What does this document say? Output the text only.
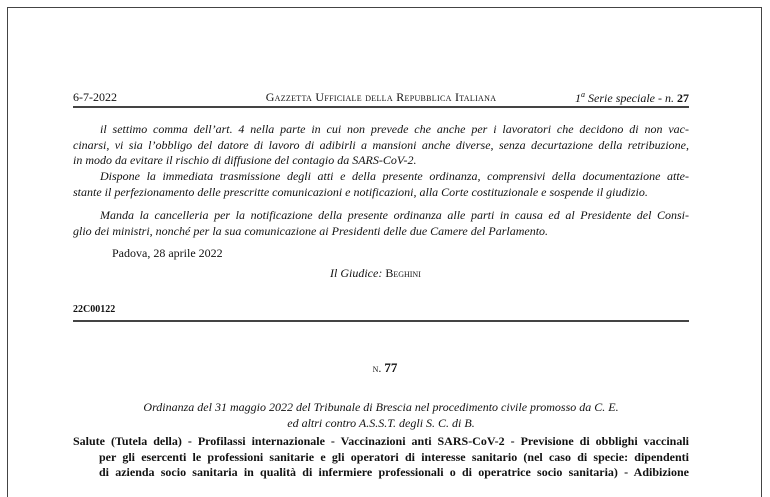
6-7-2022	Gazzetta Ufficiale della Repubblica Italiana	1$^a$ Serie speciale - n. 27
il settimo comma dell’art. 4 nella parte in cui non prevede che anche per i lavoratori che decidono di non vac-
cinarsi, vi sia l’obbligo del datore di lavoro di adibirli a mansioni anche diverse, senza decurtazione della retribuzione,
in modo da evitare il rischio di diffusione del contagio da SARS-CoV-2.
Dispone la immediata trasmissione degli atti e della presente ordinanza, comprensivi della documentazione atte-
stante il perfezionamento delle prescritte comunicazioni e notificazioni, alla Corte costituzionale e sospende il giudizio.
Manda la cancelleria per la notificazione della presente ordinanza alle parti in causa ed al Presidente del Consi-
glio dei ministri, nonché per la sua comunicazione ai Presidenti delle due Camere del Parlamento.
Padova, 28 aprile 2022
Il Giudice: Beghini
22C00122
n. 77
Ordinanza del 31 maggio 2022 del Tribunale di Brescia nel procedimento civile promosso da C. E.
ed altri contro A.S.S.T. degli S. C. di B.
Salute (Tutela della) - Profilassi internazionale - Vaccinazioni anti SARS-CoV-2 - Previsione di obblighi vaccinali
per gli esercenti le professioni sanitarie e gli operatori di interesse sanitario (nel caso di specie: dipendenti
di azienda socio sanitaria in qualità di infermiere professionali o di operatrice socio sanitaria) - Adibizione
